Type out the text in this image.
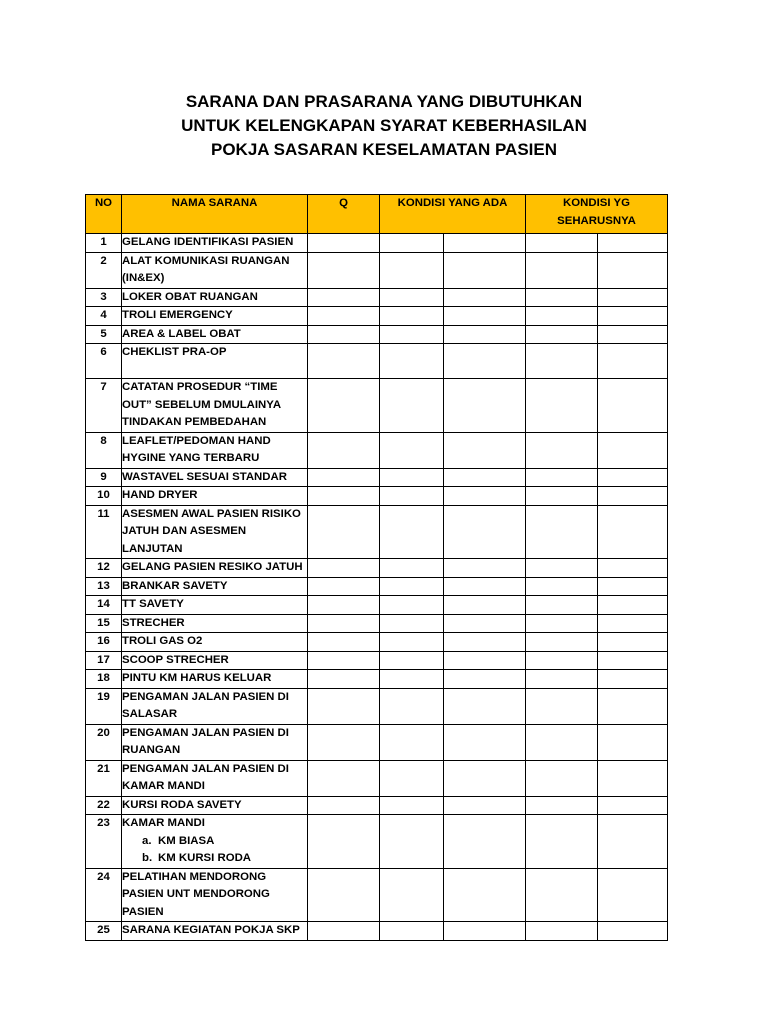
SARANA DAN PRASARANA YANG DIBUTUHKAN
UNTUK KELENGKAPAN SYARAT KEBERHASILAN
POKJA SASARAN KESELAMATAN PASIEN
NO	NAMA SARANA	Q	KONDISI YANG ADA		KONDISI YG SEHARUSNYA	
1	GELANG IDENTIFIKASI PASIEN					
2	ALAT KOMUNIKASI RUANGAN (IN&EX)					
3	LOKER OBAT RUANGAN					
4	TROLI EMERGENCY					
5	AREA & LABEL OBAT					
6	CHEKLIST PRA-OP					
7	CATATAN PROSEDUR “TIME OUT” SEBELUM DMULAINYA TINDAKAN PEMBEDAHAN					
8	LEAFLET/PEDOMAN HAND HYGINE YANG TERBARU					
9	WASTAVEL SESUAI STANDAR					
10	HAND DRYER					
11	ASESMEN AWAL PASIEN RISIKO JATUH DAN ASESMEN LANJUTAN					
12	GELANG PASIEN RESIKO JATUH					
13	BRANKAR SAVETY					
14	TT SAVETY					
15	STRECHER					
16	TROLI GAS O2					
17	SCOOP STRECHER					
18	PINTU KM HARUS KELUAR					
19	PENGAMAN JALAN PASIEN DI SALASAR					
20	PENGAMAN JALAN PASIEN DI RUANGAN					
21	PENGAMAN JALAN PASIEN DI KAMAR MANDI					
22	KURSI RODA SAVETY					
23	KAMAR MANDI
a. KM BIASA
b. KM KURSI RODA					

24	PELATIHAN MENDORONG PASIEN UNT MENDORONG PASIEN					
25	SARANA KEGIATAN POKJA SKP					
